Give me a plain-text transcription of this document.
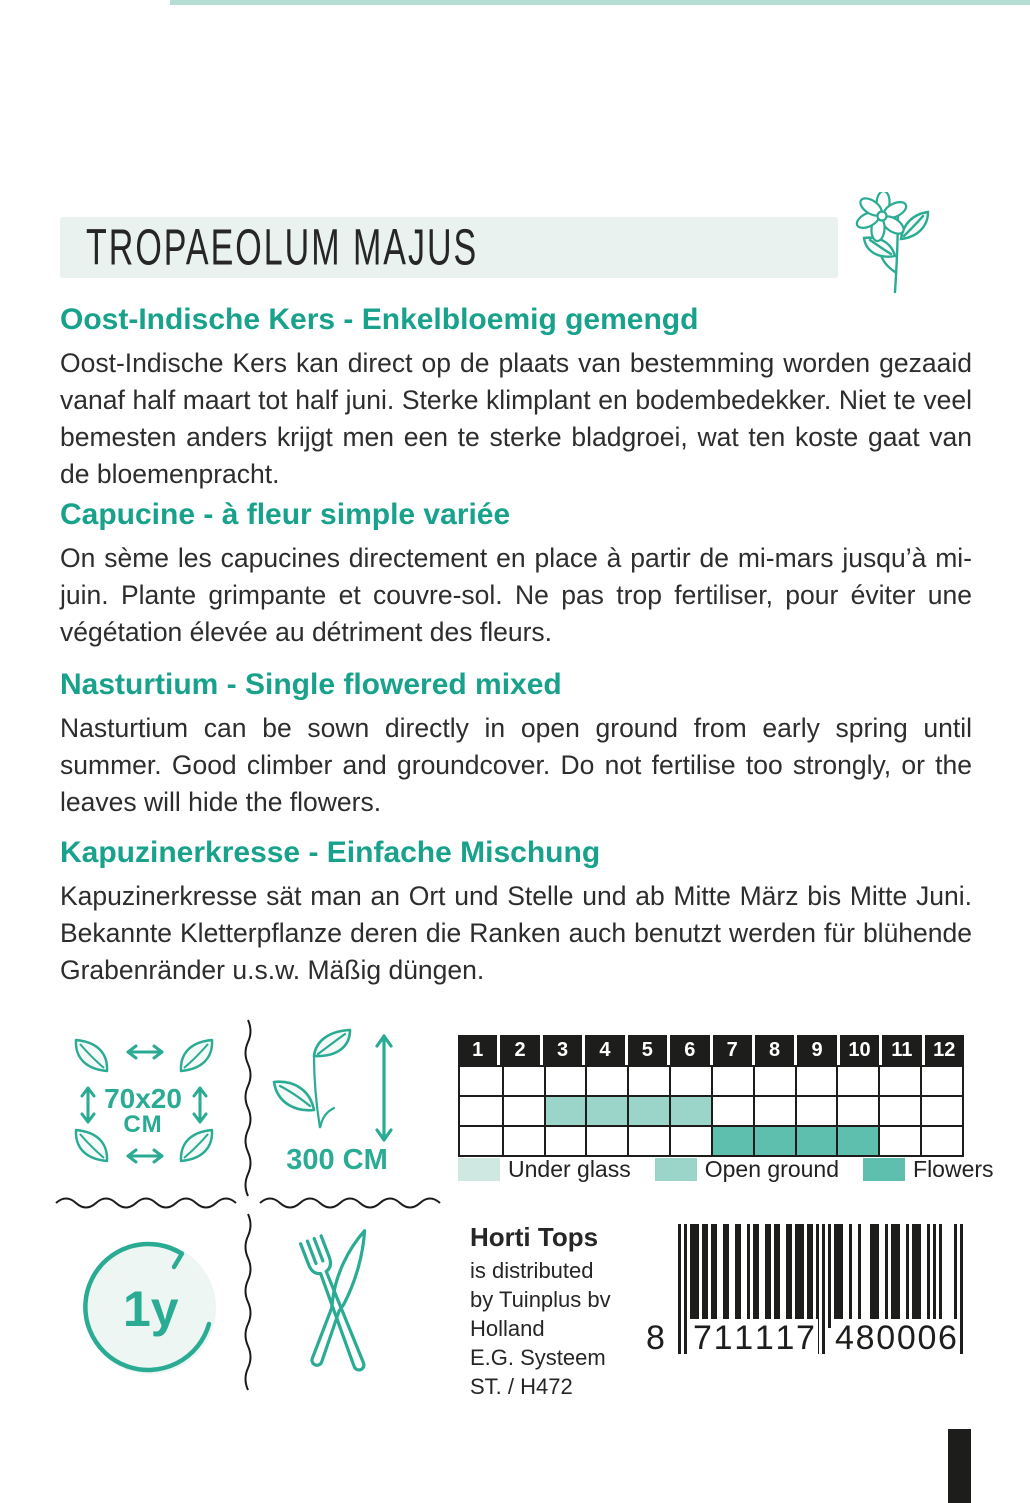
TROPAEOLUM MAJUS
Oost-Indische Kers - Enkelbloemig gemengd

Oost-Indische Kers kan direct op de plaats van bestemming worden gezaaid vanaf half maart tot half juni. Sterke klimplant en bodembedekker. Niet te veel bemesten anders krijgt men een te sterke bladgroei, wat ten koste gaat van de bloemenpracht.

Capucine - à fleur simple variée

On sème les capucines directement en place à partir de mi-mars jusqu’à mi-juin. Plante grimpante et couvre-sol. Ne pas trop fertiliser, pour éviter une végétation élevée au détriment des fleurs.

Nasturtium - Single flowered mixed

Nasturtium can be sown directly in open ground from early spring until summer. Good climber and groundcover. Do not fertilise too strongly, or the leaves will hide the flowers.

Kapuzinerkresse - Einfache Mischung

Kapuzinerkresse sät man an Ort und Stelle und ab Mitte März bis Mitte Juni. Bekannte Kletterpflanze deren die Ranken auch benutzt werden für blühende Grabenränder u.s.w. Mäßig düngen.

70x20
CM
300 CM
1	2	3	4	5	6	7	8	9	10	11	12
Under glass	Open ground	Flowers
1y

Horti Tops

is distributed

by Tuinplus bv

Holland

E.G. Systeem

ST. / H472

8 7 1 1 1 1 7 4 8 0 0 0 6
